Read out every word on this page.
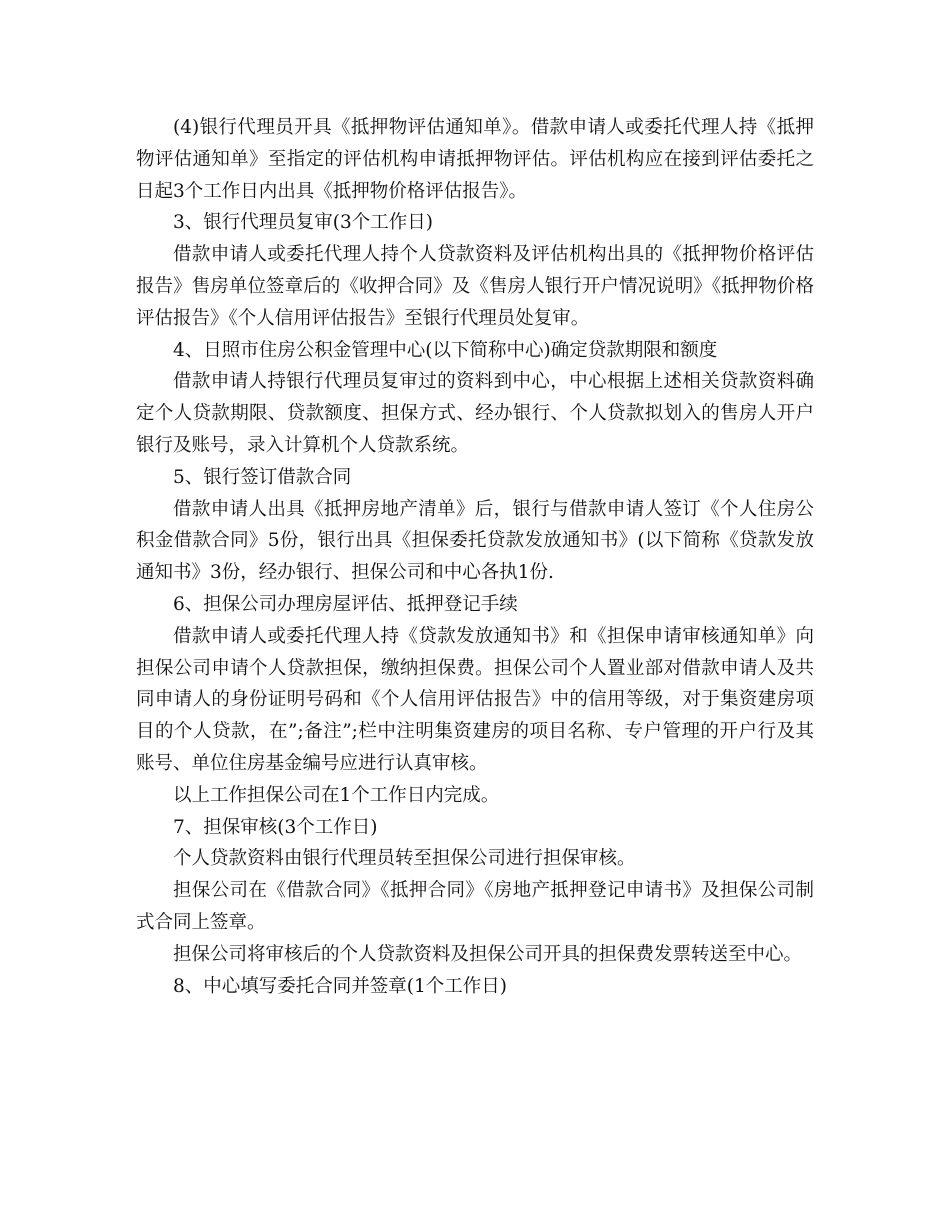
(4)银行代理员开具《抵押物评估通知单》。借款申请人或委托代理人持《抵押物评估通知单》至指定的评估机构申请抵押物评估。评估机构应在接到评估委托之日起3个工作日内出具《抵押物价格评估报告》。

3、银行代理员复审(3个工作日)

借款申请人或委托代理人持个人贷款资料及评估机构出具的《抵押物价格评估报告》售房单位签章后的《收押合同》及《售房人银行开户情况说明》《抵押物价格评估报告》《个人信用评估报告》至银行代理员处复审。

4、日照市住房公积金管理中心(以下简称中心)确定贷款期限和额度

借款申请人持银行代理员复审过的资料到中心，中心根据上述相关贷款资料确定个人贷款期限、贷款额度、担保方式、经办银行、个人贷款拟划入的售房人开户银行及账号，录入计算机个人贷款系统。

5、银行签订借款合同

借款申请人出具《抵押房地产清单》后，银行与借款申请人签订《个人住房公积金借款合同》5份，银行出具《担保委托贷款发放通知书》(以下简称《贷款发放通知书》3份，经办银行、担保公司和中心各执1份.

6、担保公司办理房屋评估、抵押登记手续

借款申请人或委托代理人持《贷款发放通知书》和《担保申请审核通知单》向担保公司申请个人贷款担保，缴纳担保费。担保公司个人置业部对借款申请人及共同申请人的身份证明号码和《个人信用评估报告》中的信用等级，对于集资建房项目的个人贷款，在”;备注”;栏中注明集资建房的项目名称、专户管理的开户行及其账号、单位住房基金编号应进行认真审核。

以上工作担保公司在1个工作日内完成。

7、担保审核(3个工作日)

个人贷款资料由银行代理员转至担保公司进行担保审核。

担保公司在《借款合同》《抵押合同》《房地产抵押登记申请书》及担保公司制式合同上签章。

担保公司将审核后的个人贷款资料及担保公司开具的担保费发票转送至中心。

8、中心填写委托合同并签章(1个工作日)
